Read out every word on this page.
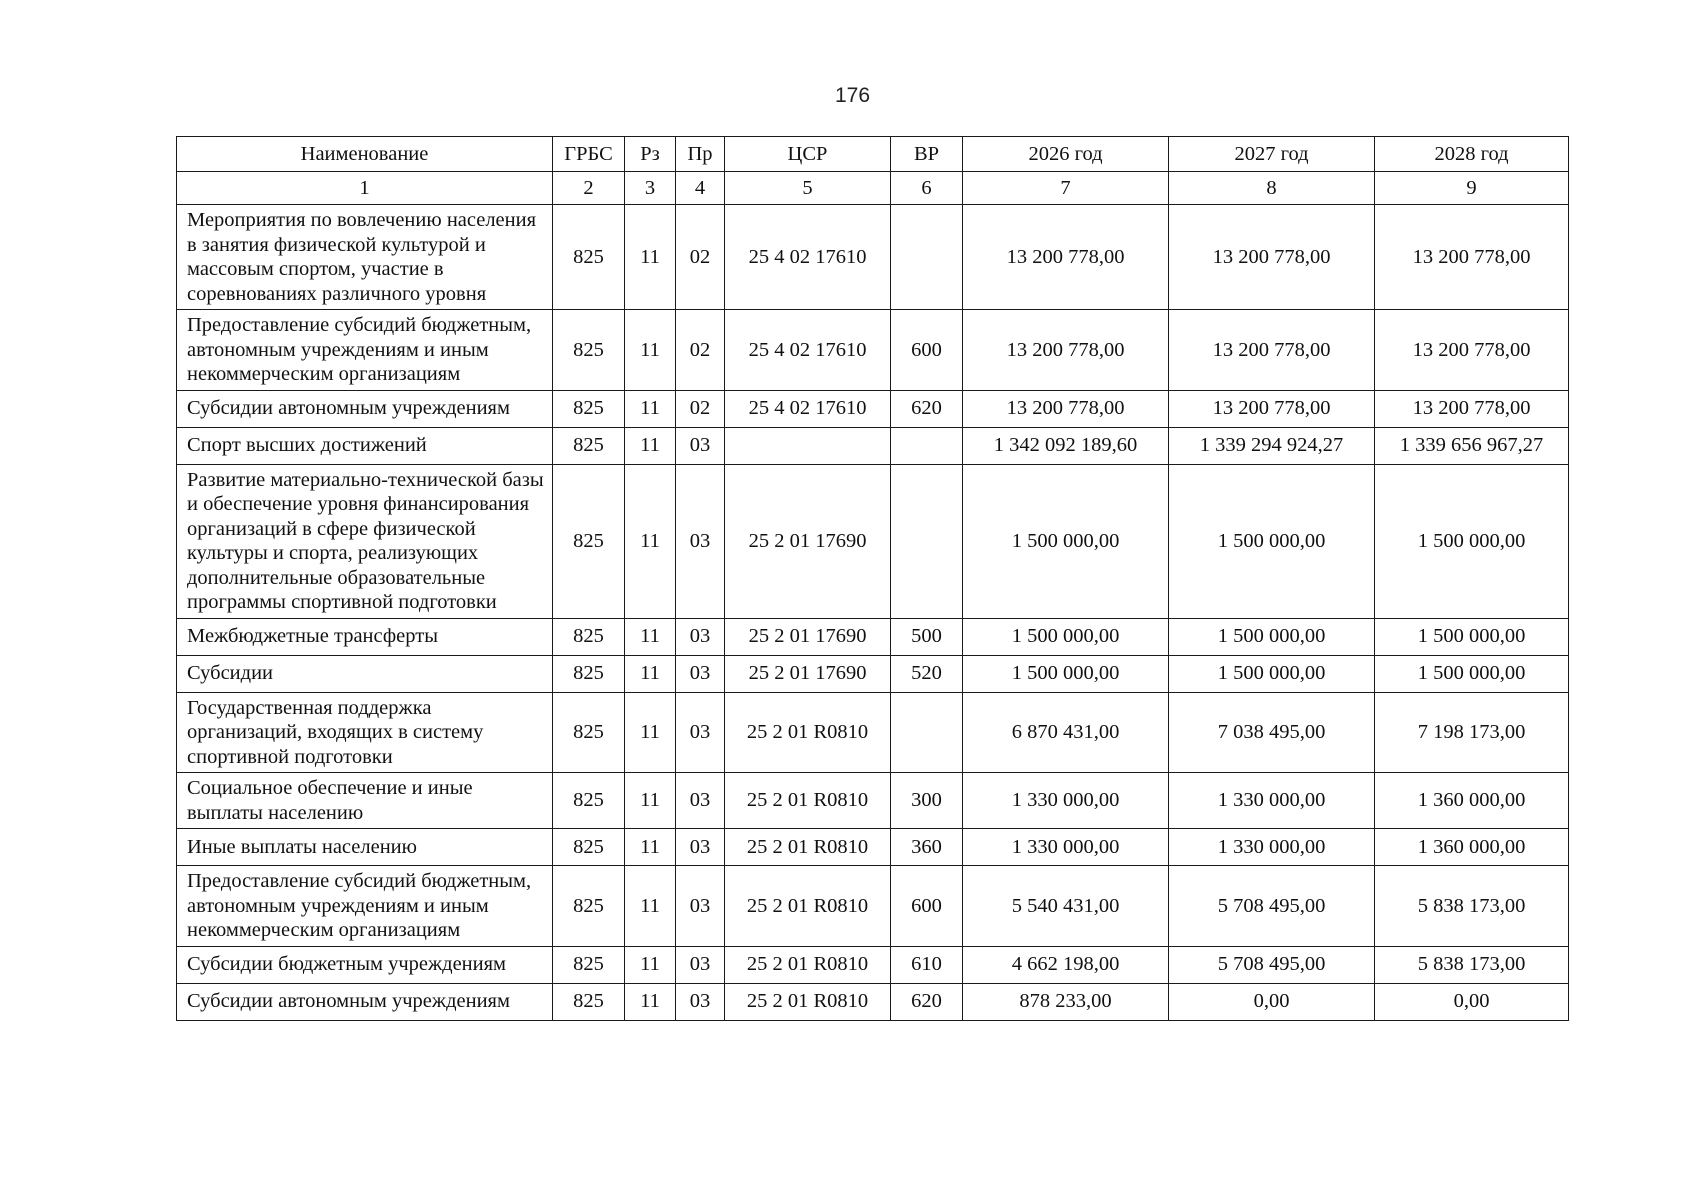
176
Наименование	ГРБС	Рз	Пр	ЦСР	ВР	2026 год	2027 год	2028 год
1	2	3	4	5	6	7	8	9
Мероприятия по вовлечению населения в занятия физической культурой и массовым спортом, участие в соревнованиях различного уровня	825	11	02	25 4 02 17610		13 200 778,00	13 200 778,00	13 200 778,00
Предоставление субсидий бюджетным, автономным учреждениям и иным некоммерческим организациям	825	11	02	25 4 02 17610	600	13 200 778,00	13 200 778,00	13 200 778,00
Субсидии автономным учреждениям	825	11	02	25 4 02 17610	620	13 200 778,00	13 200 778,00	13 200 778,00
Спорт высших достижений	825	11	03			1 342 092 189,60	1 339 294 924,27	1 339 656 967,27
Развитие материально-технической базы и обеспечение уровня финансирования организаций в сфере физической культуры и спорта, реализующих дополнительные образовательные программы спортивной подготовки	825	11	03	25 2 01 17690		1 500 000,00	1 500 000,00	1 500 000,00
Межбюджетные трансферты	825	11	03	25 2 01 17690	500	1 500 000,00	1 500 000,00	1 500 000,00
Субсидии	825	11	03	25 2 01 17690	520	1 500 000,00	1 500 000,00	1 500 000,00
Государственная поддержка организаций, входящих в систему спортивной подготовки	825	11	03	25 2 01 R0810		6 870 431,00	7 038 495,00	7 198 173,00
Социальное обеспечение и иные выплаты населению	825	11	03	25 2 01 R0810	300	1 330 000,00	1 330 000,00	1 360 000,00
Иные выплаты населению	825	11	03	25 2 01 R0810	360	1 330 000,00	1 330 000,00	1 360 000,00
Предоставление субсидий бюджетным, автономным учреждениям и иным некоммерческим организациям	825	11	03	25 2 01 R0810	600	5 540 431,00	5 708 495,00	5 838 173,00
Субсидии бюджетным учреждениям	825	11	03	25 2 01 R0810	610	4 662 198,00	5 708 495,00	5 838 173,00
Субсидии автономным учреждениям	825	11	03	25 2 01 R0810	620	878 233,00	0,00	0,00
